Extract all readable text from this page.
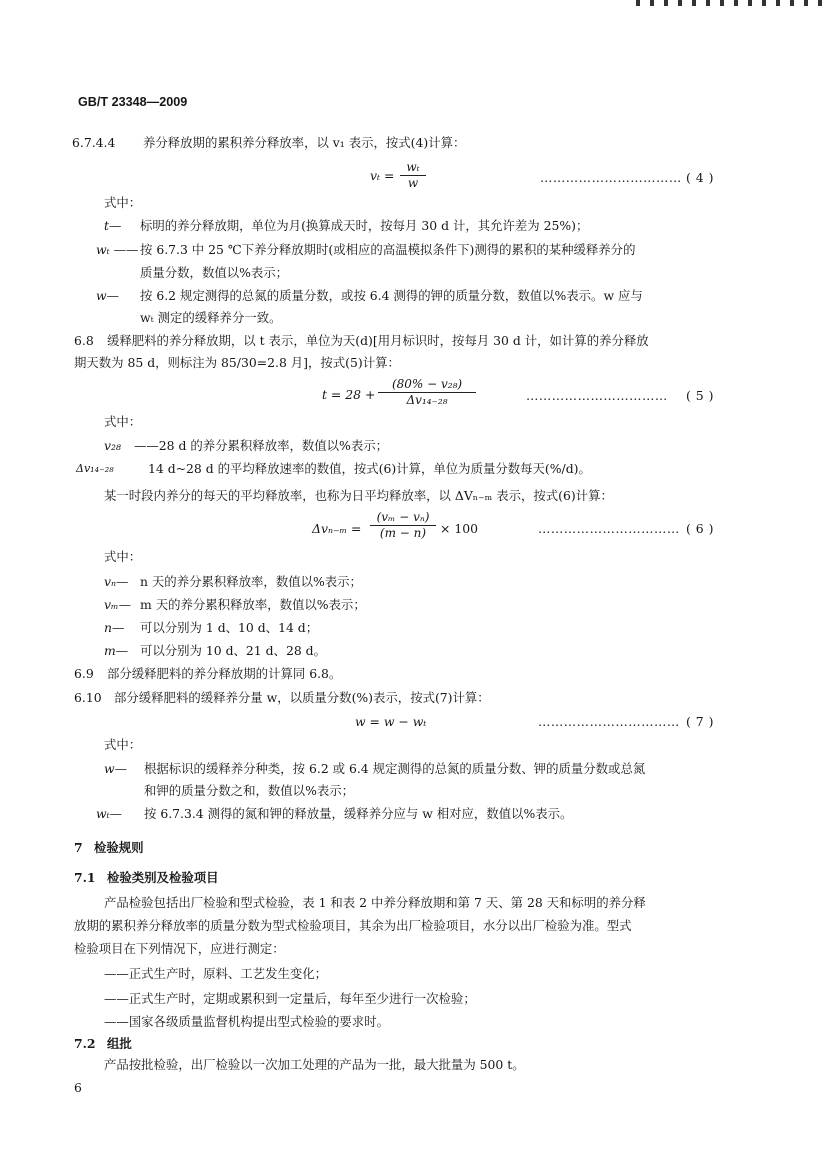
GB/T 23348—2009
6.7.4.4 养分释放期的累积养分释放率，以 v₁ 表示，按式(4)计算：
vₜ =
wₜ
w	…………………………… ( 4 )
式中：
t— 标明的养分释放期，单位为月(换算成天时，按每月 30 d 计，其允许差为 25%)；
wₜ —— 按 6.7.3 中 25 ℃下养分释放期时(或相应的高温模拟条件下)测得的累积的某种缓释养分的
质量分数，数值以%表示；
w— 按 6.2 规定测得的总氮的质量分数，或按 6.4 测得的钾的质量分数，数值以%表示。w 应与
wₜ 测定的缓释养分一致。
6.8 缓释肥料的养分释放期，以 t 表示，单位为天(d)[用月标识时，按每月 30 d 计，如计算的养分释放
期天数为 85 d，则标注为 85/30=2.8 月]，按式(5)计算：
t = 28 +
(80% − v₂₈)
Δv₁₄₋₂₈	…………………………… ( 5 )
式中：
v₂₈ ——28 d 的养分累积释放率，数值以%表示；
Δv₁₄₋₂₈	14 d~28 d 的平均释放速率的数值，按式(6)计算，单位为质量分数每天(%/d)。
某一时段内养分的每天的平均释放率，也称为日平均释放率，以 ΔVₙ₋ₘ 表示，按式(6)计算：
Δvₙ₋ₘ =
(vₘ − vₙ)
(m − n)	× 100	…………………………… ( 6 )
式中：
vₙ— n 天的养分累积释放率，数值以%表示；
vₘ— m 天的养分累积释放率，数值以%表示；
n— 可以分别为 1 d、10 d、14 d；
m— 可以分别为 10 d、21 d、28 d。
6.9 部分缓释肥料的养分释放期的计算同 6.8。
6.10 部分缓释肥料的缓释养分量 w，以质量分数(%)表示，按式(7)计算：
w = w − wₜ	…………………………… ( 7 )
式中：
w— 根据标识的缓释养分种类，按 6.2 或 6.4 规定测得的总氮的质量分数、钾的质量分数或总氮
和钾的质量分数之和，数值以%表示；
wₜ— 按 6.7.3.4 测得的氮和钾的释放量，缓释养分应与 w 相对应，数值以%表示。
7 检验规则
7.1 检验类别及检验项目
产品检验包括出厂检验和型式检验，表 1 和表 2 中养分释放期和第 7 天、第 28 天和标明的养分释
放期的累积养分释放率的质量分数为型式检验项目，其余为出厂检验项目，水分以出厂检验为准。型式
检验项目在下列情况下，应进行测定：
——正式生产时，原料、工艺发生变化；
——正式生产时，定期或累积到一定量后，每年至少进行一次检验；
——国家各级质量监督机构提出型式检验的要求时。
7.2 组批
产品按批检验，出厂检验以一次加工处理的产品为一批，最大批量为 500 t。
6
